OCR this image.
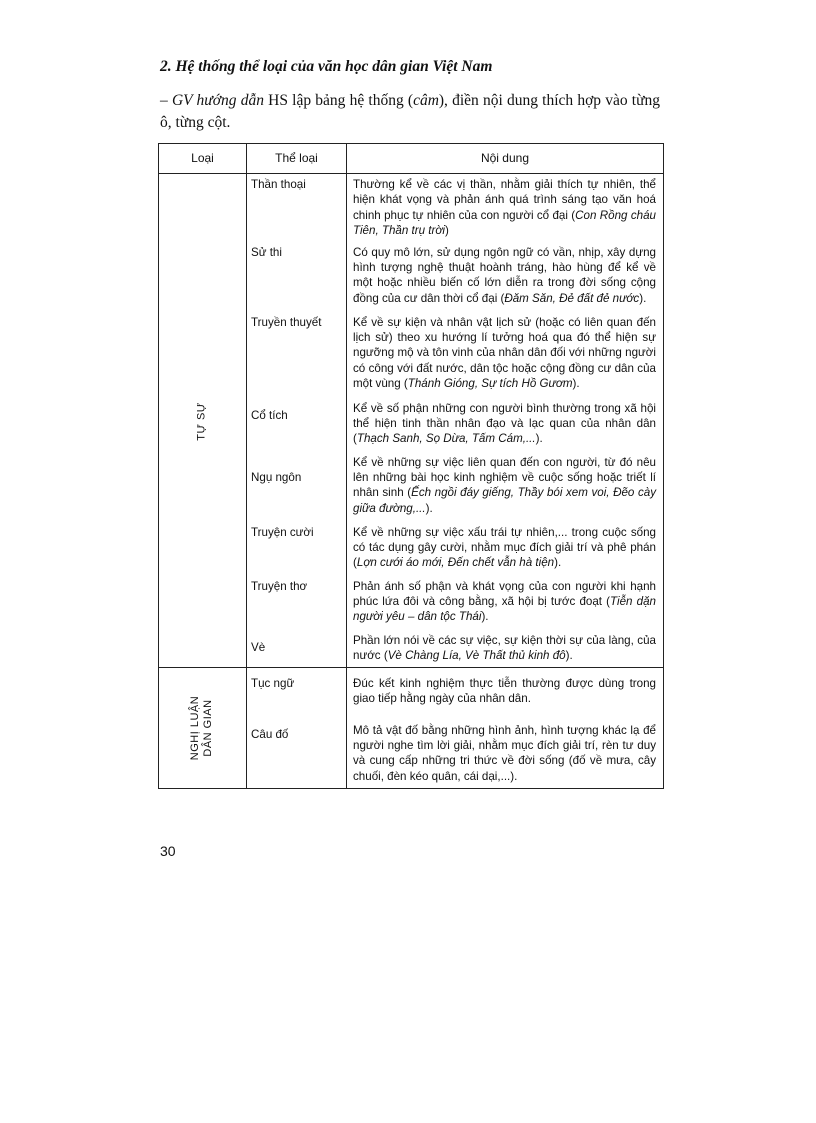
2. Hệ thống thể loại của văn học dân gian Việt Nam
– GV hướng dẫn HS lập bảng hệ thống (câm), điền nội dung thích hợp vào từng ô, từng cột.
Loại	Thể loại	Nội dung
TỰ SỰ	Thần thoại	Thường kể về các vị thần, nhằm giải thích tự nhiên, thể hiện khát vọng và phản ánh quá trình sáng tạo văn hoá chinh phục tự nhiên của con người cổ đại (Con Rồng cháu Tiên, Thần trụ trời)
	Sử thi	Có quy mô lớn, sử dụng ngôn ngữ có vần, nhịp, xây dựng hình tượng nghệ thuật hoành tráng, hào hùng để kể về một hoặc nhiều biến cố lớn diễn ra trong đời sống cộng đồng của cư dân thời cổ đại (Đăm Săn, Đẻ đất đẻ nước).
	Truyền thuyết	Kể về sự kiện và nhân vật lịch sử (hoặc có liên quan đến lịch sử) theo xu hướng lí tưởng hoá qua đó thể hiện sự ngưỡng mộ và tôn vinh của nhân dân đối với những người có công với đất nước, dân tộc hoặc cộng đồng cư dân của một vùng (Thánh Gióng, Sự tích Hồ Gươm).
	Cổ tích	Kể về số phận những con người bình thường trong xã hội thể hiện tinh thần nhân đạo và lạc quan của nhân dân (Thạch Sanh, Sọ Dừa, Tấm Cám,...).
	Ngụ ngôn	Kể về những sự việc liên quan đến con người, từ đó nêu lên những bài học kinh nghiệm về cuộc sống hoặc triết lí nhân sinh (Ếch ngồi đáy giếng, Thầy bói xem voi, Đẽo cày giữa đường,...).
	Truyện cười	Kể về những sự việc xấu trái tự nhiên,... trong cuộc sống có tác dụng gây cười, nhằm mục đích giải trí và phê phán (Lợn cưới áo mới, Đến chết vẫn hà tiện).
	Truyện thơ	Phản ánh số phận và khát vọng của con người khi hạnh phúc lứa đôi và công bằng, xã hội bị tước đoạt (Tiễn dặn người yêu – dân tộc Thái).
	Vè	Phần lớn nói về các sự việc, sự kiện thời sự của làng, của nước (Vè Chàng Lía, Vè Thất thủ kinh đô).

NGHỊ LUẬN DÂN GIAN	Tục ngữ	Đúc kết kinh nghiệm thực tiễn thường được dùng trong giao tiếp hằng ngày của nhân dân.
	Câu đố	Mô tả vật đố bằng những hình ảnh, hình tượng khác lạ để người nghe tìm lời giải, nhằm mục đích giải trí, rèn tư duy và cung cấp những tri thức về đời sống (đố về mưa, cây chuối, đèn kéo quân, cái dại,...).
30
